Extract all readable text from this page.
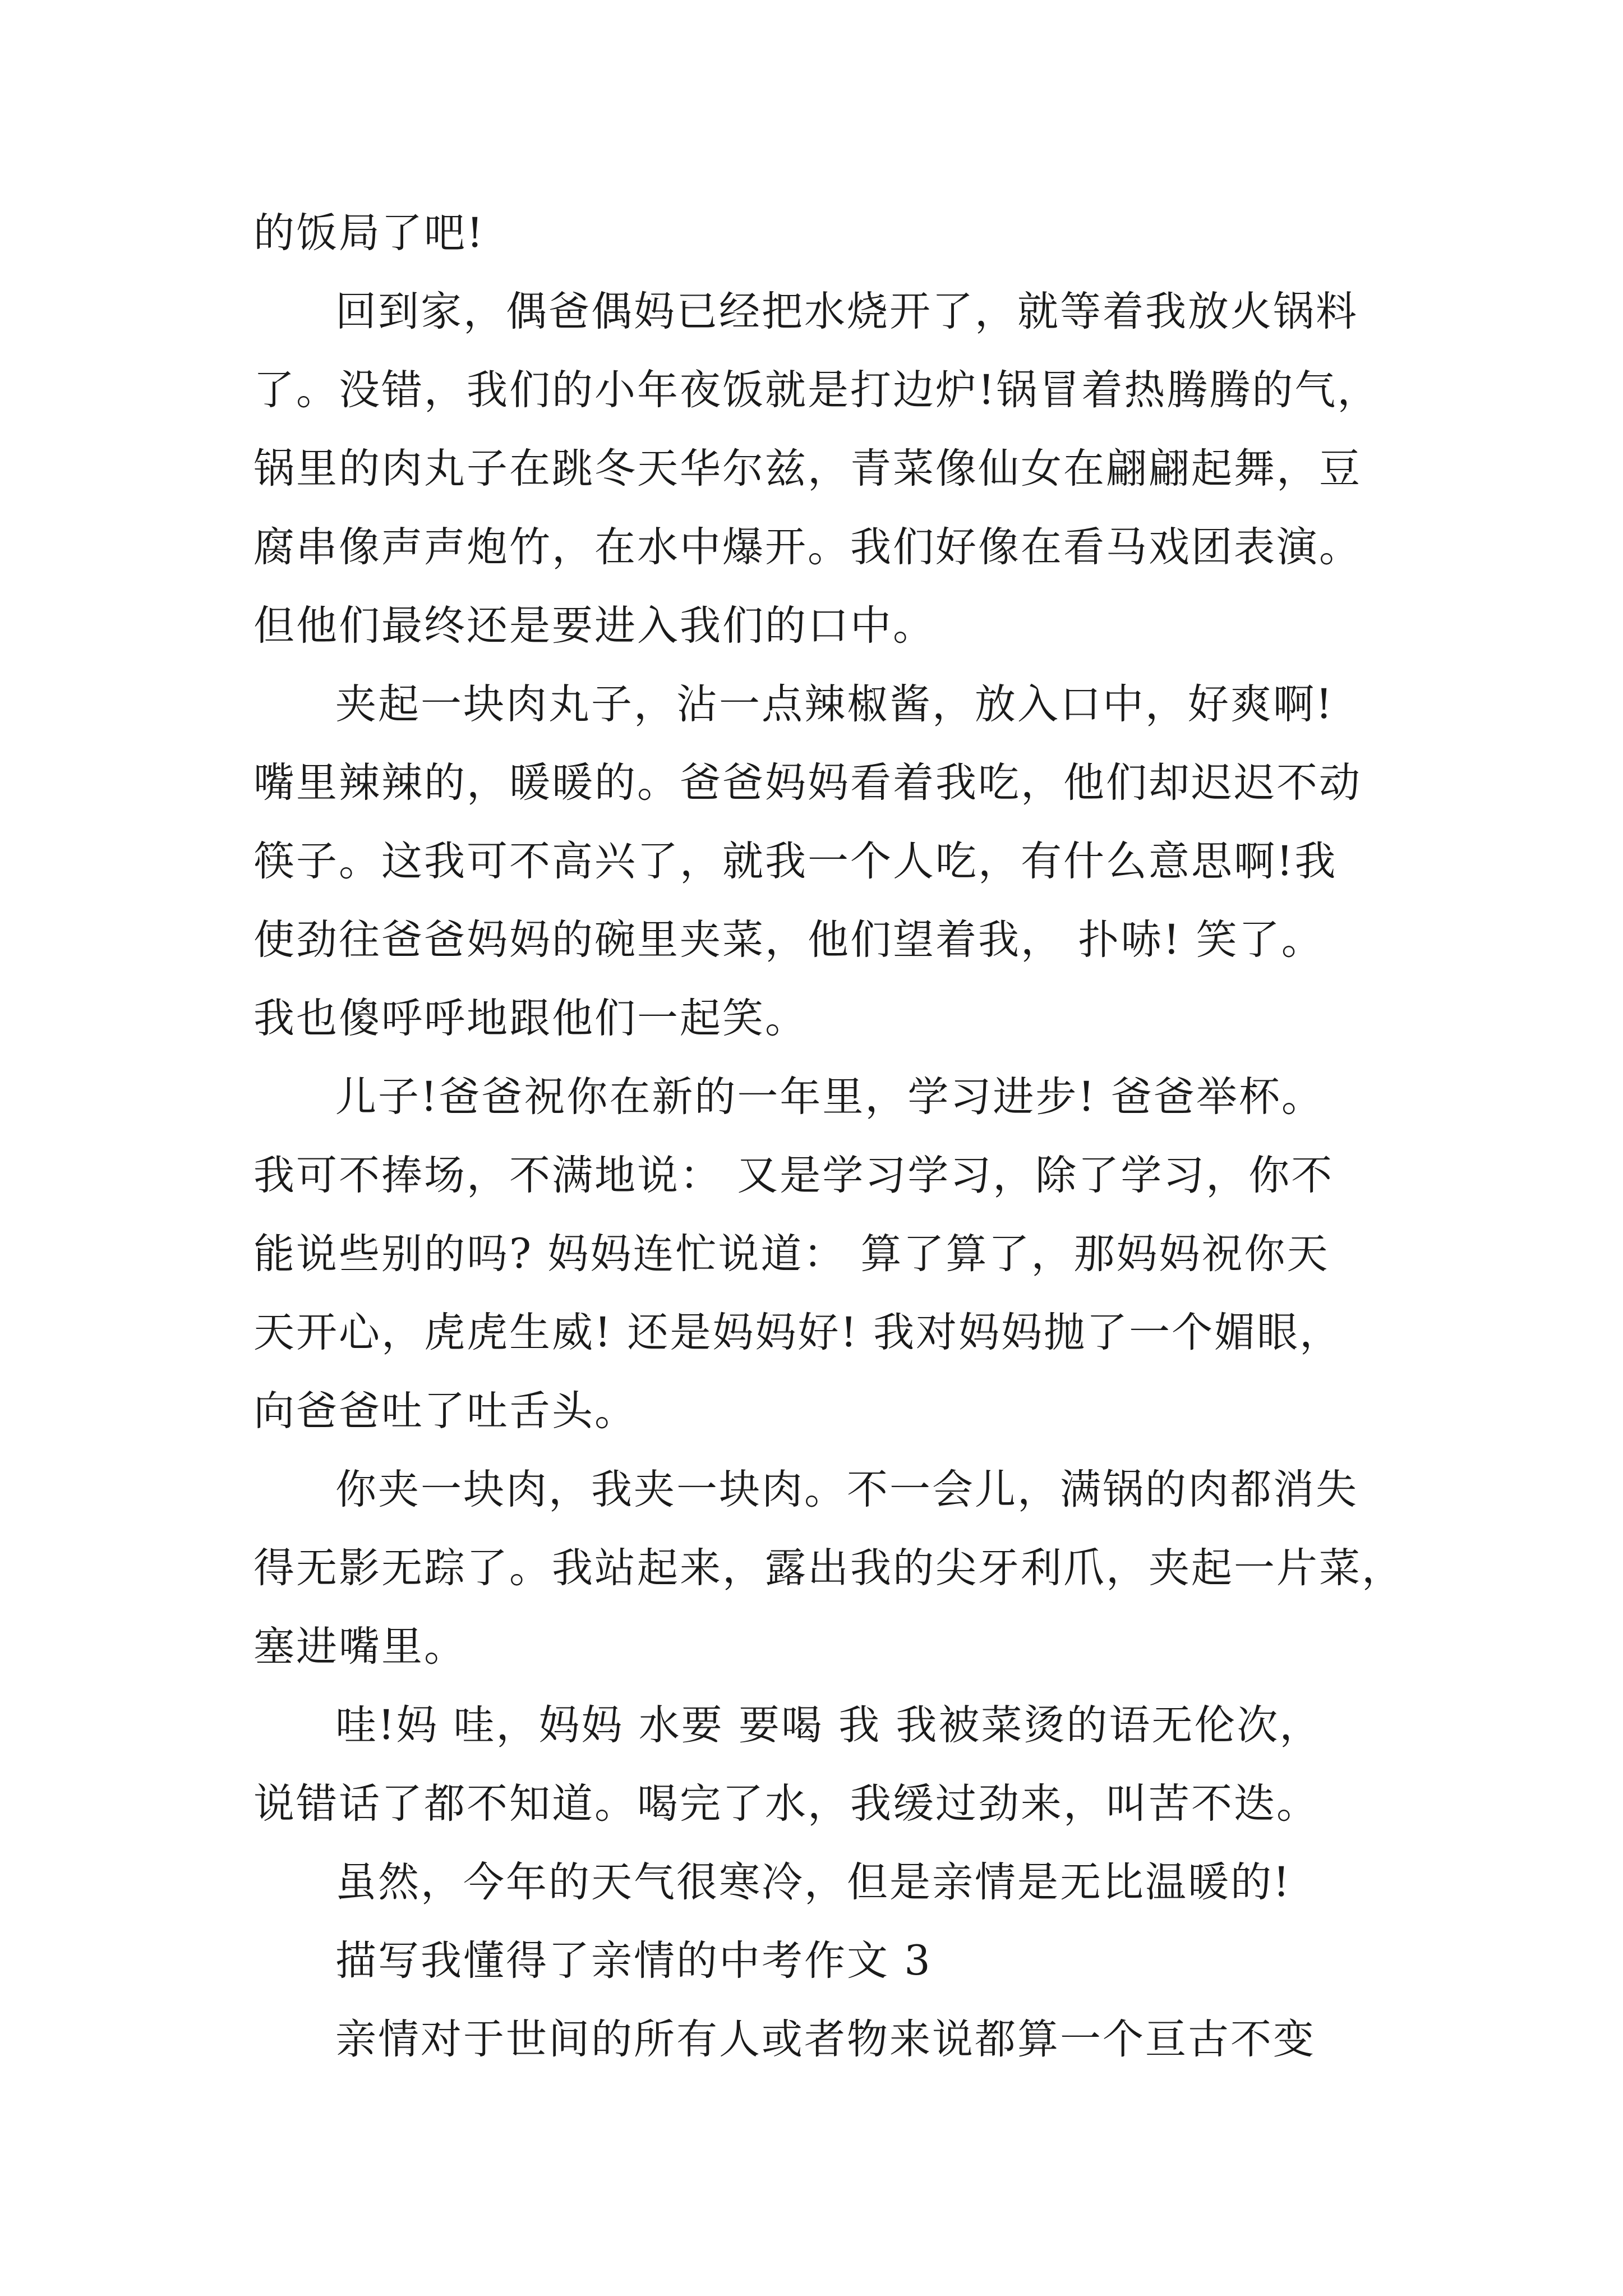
的饭局了吧!
回到家，偶爸偶妈已经把水烧开了，就等着我放火锅料
了。没错，我们的小年夜饭就是打边炉!锅冒着热腾腾的气，
锅里的肉丸子在跳冬天华尔兹，青菜像仙女在翩翩起舞，豆
腐串像声声炮竹，在水中爆开。我们好像在看马戏团表演。
但他们最终还是要进入我们的口中。
夹起一块肉丸子，沾一点辣椒酱，放入口中，好爽啊!
嘴里辣辣的，暖暖的。爸爸妈妈看着我吃，他们却迟迟不动
筷子。这我可不高兴了，就我一个人吃，有什么意思啊!我
使劲往爸爸妈妈的碗里夹菜，他们望着我， 扑哧! 笑了。
我也傻呼呼地跟他们一起笑。
儿子!爸爸祝你在新的一年里，学习进步! 爸爸举杯。
我可不捧场，不满地说： 又是学习学习，除了学习，你不
能说些别的吗? 妈妈连忙说道： 算了算了，那妈妈祝你天
天开心，虎虎生威! 还是妈妈好! 我对妈妈抛了一个媚眼，
向爸爸吐了吐舌头。
你夹一块肉，我夹一块肉。不一会儿，满锅的肉都消失
得无影无踪了。我站起来，露出我的尖牙利爪，夹起一片菜，
塞进嘴里。
哇!妈 哇，妈妈 水要 要喝 我 我被菜烫的语无伦次，
说错话了都不知道。喝完了水，我缓过劲来，叫苦不迭。
虽然，今年的天气很寒冷，但是亲情是无比温暖的!
描写我懂得了亲情的中考作文 3
亲情对于世间的所有人或者物来说都算一个亘古不变
